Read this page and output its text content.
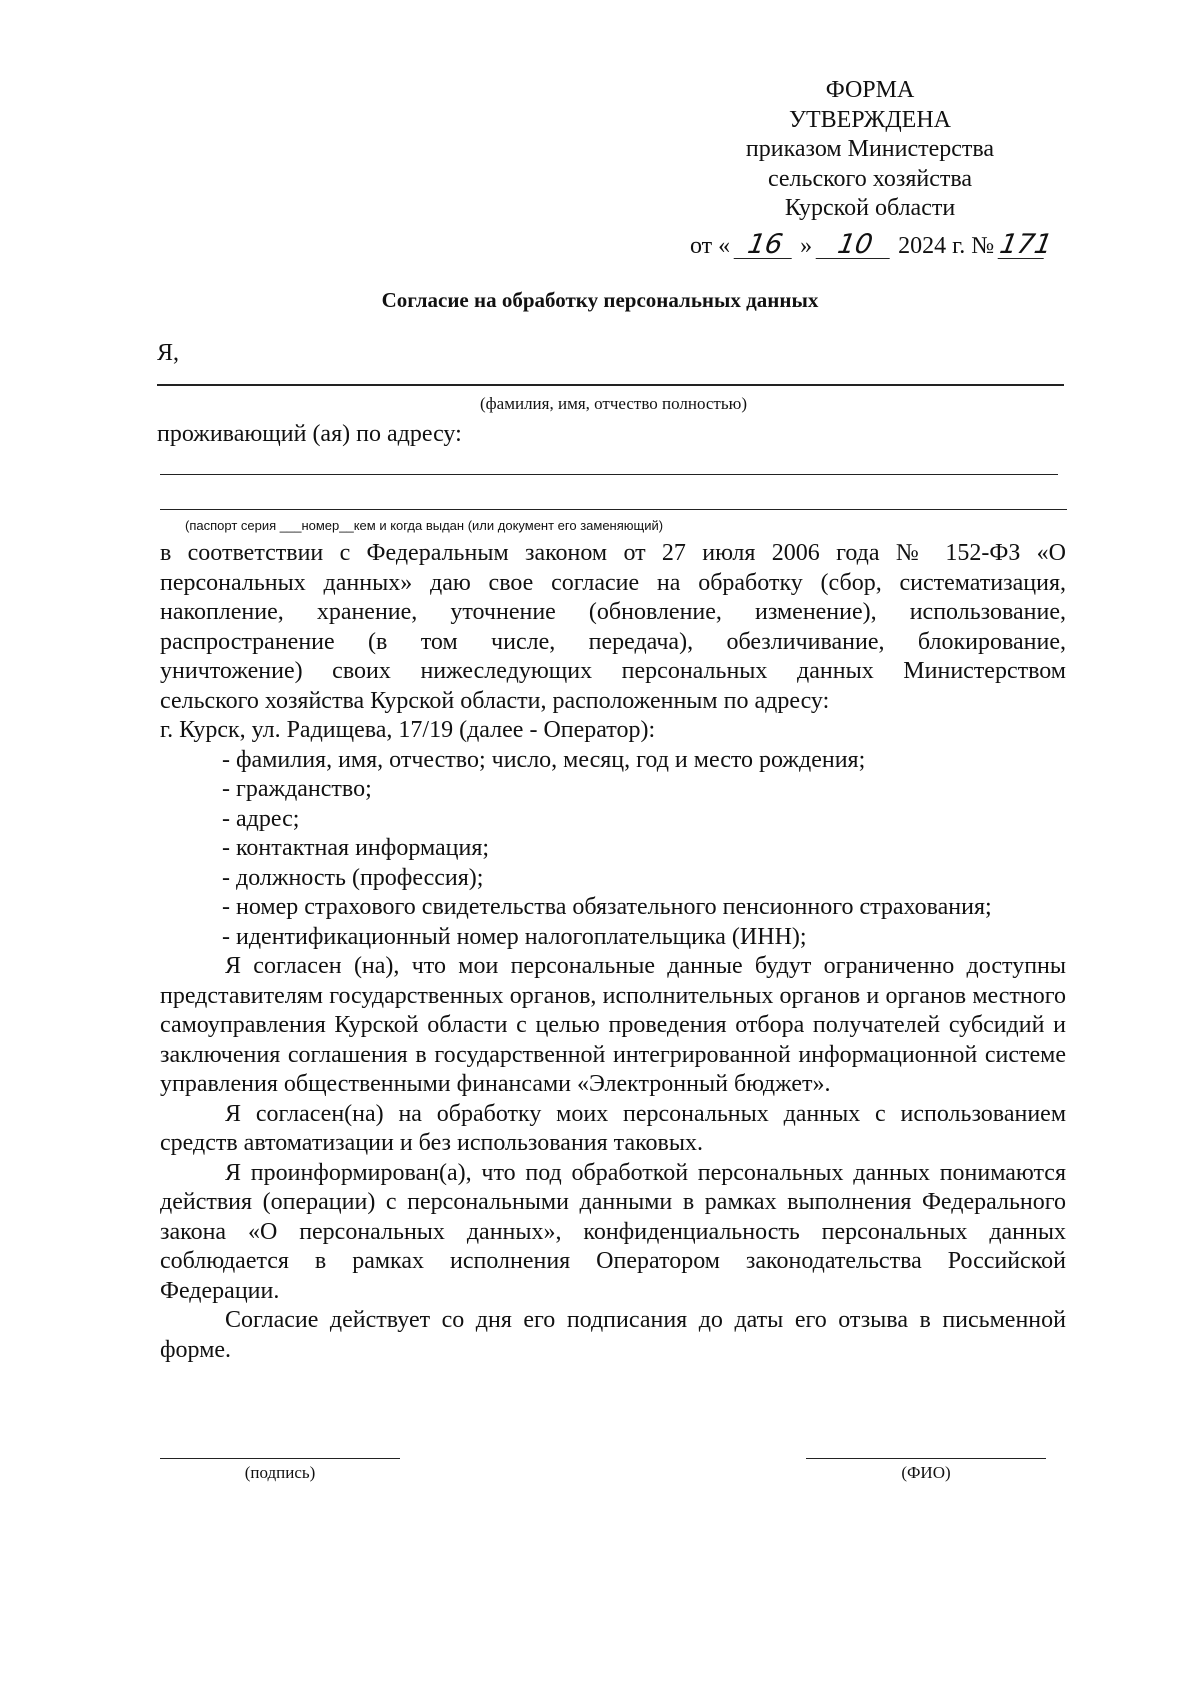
ФОРМА
УТВЕРЖДЕНА
приказом Министерства
сельского хозяйства
Курской области
от « 16 » 10 2024 г. № 171
Согласие на обработку персональных данных
Я,
(фамилия, имя, отчество полностью)
проживающий (ая) по адресу:
(паспорт серия ___номер__кем и когда выдан (или документ его заменяющий)
в соответствии с Федеральным законом от 27 июля 2006 года № 152-ФЗ «О
персональных данных» даю свое согласие на обработку (сбор, систематизация,
накопление, хранение, уточнение (обновление, изменение), использование,
распространение (в том числе, передача), обезличивание, блокирование,
уничтожение) своих нижеследующих персональных данных Министерством
сельского хозяйства Курской области, расположенным по адресу:
г. Курск, ул. Радищева, 17/19 (далее - Оператор):
- фамилия, имя, отчество; число, месяц, год и место рождения;
- гражданство;
- адрес;
- контактная информация;
- должность (профессия);
- номер страхового свидетельства обязательного пенсионного страхования;
- идентификационный номер налогоплательщика (ИНН);
Я согласен (на), что мои персональные данные будут ограниченно доступны представителям государственных органов, исполнительных органов и органов местного самоуправления Курской области с целью проведения отбора получателей субсидий и заключения соглашения в государственной интегрированной информационной системе управления общественными финансами «Электронный бюджет».
Я согласен(на) на обработку моих персональных данных с использованием средств автоматизации и без использования таковых.
Я проинформирован(а), что под обработкой персональных данных понимаются действия (операции) с персональными данными в рамках выполнения Федерального закона «О персональных данных», конфиденциальность персональных данных соблюдается в рамках исполнения Оператором законодательства Российской Федерации.
Согласие действует со дня его подписания до даты его отзыва в письменной форме.
(подпись)	(ФИО)
